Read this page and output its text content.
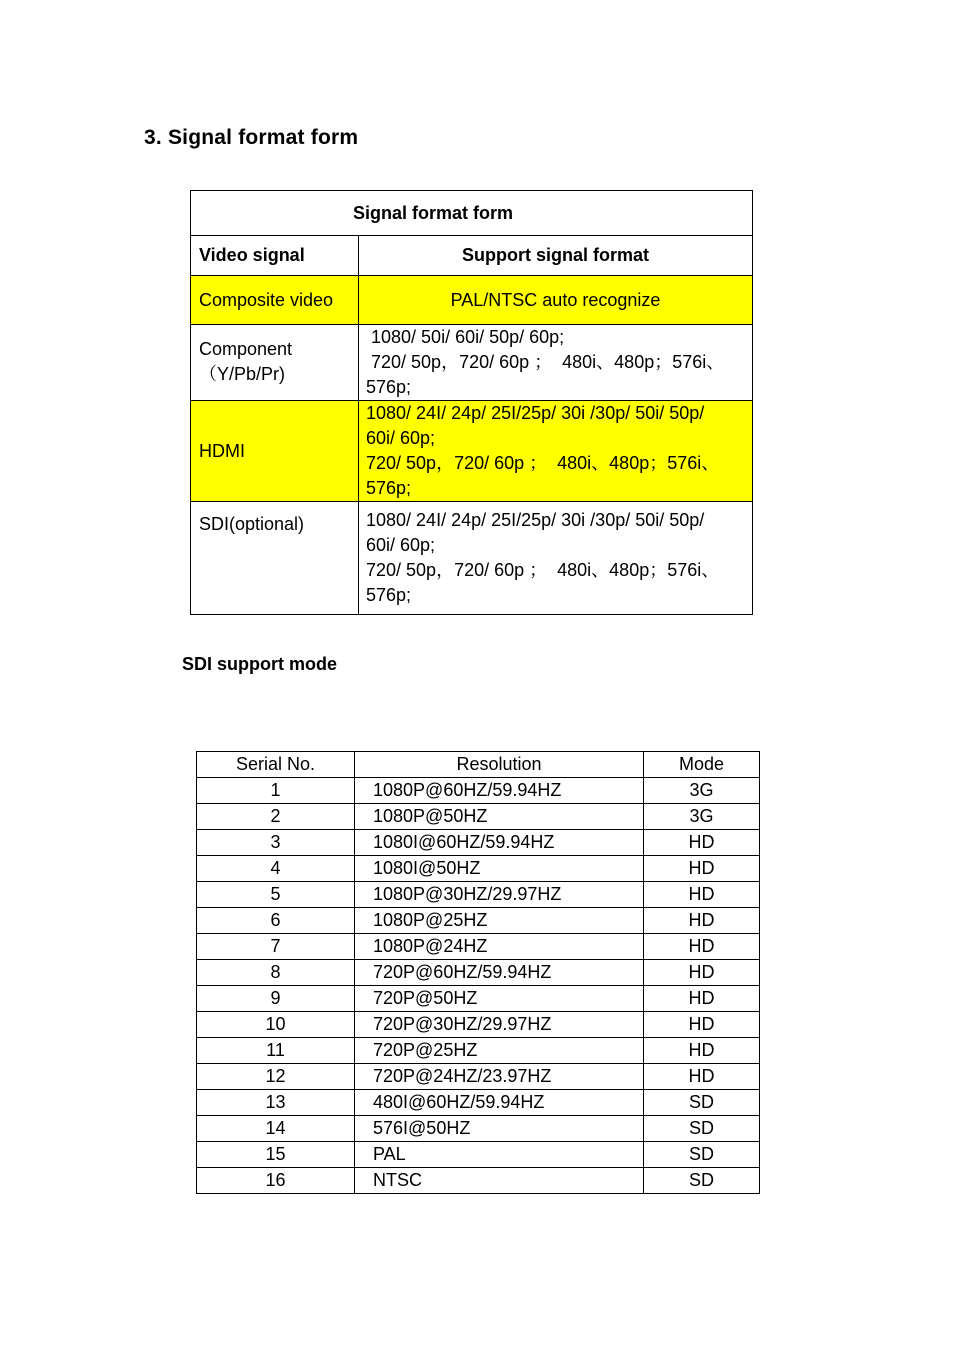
3. Signal format form
Signal format form	
Video signal	Support signal format
Composite video	PAL/NTSC auto recognize

Component
（Y/Pb/Pr)	1080/ 50i/ 60i/ 50p/ 60p;
720/ 50p，720/ 60p ；  480i、480p；576i、
576p;

HDMI	1080/ 24I/ 24p/ 25I/25p/ 30i /30p/ 50i/ 50p/
60i/ 60p;
720/ 50p，720/ 60p ；  480i、480p；576i、
576p;

SDI(optional)	1080/ 24I/ 24p/ 25I/25p/ 30i /30p/ 50i/ 50p/
60i/ 60p;
720/ 50p，720/ 60p ；  480i、480p；576i、
576p;
SDI support mode
Serial No.	Resolution	Mode
1	1080P@60HZ/59.94HZ	3G
2	1080P@50HZ	3G
3	1080I@60HZ/59.94HZ	HD
4	1080I@50HZ	HD
5	1080P@30HZ/29.97HZ	HD
6	1080P@25HZ	HD
7	1080P@24HZ	HD
8	720P@60HZ/59.94HZ	HD
9	720P@50HZ	HD
10	720P@30HZ/29.97HZ	HD
11	720P@25HZ	HD
12	720P@24HZ/23.97HZ	HD
13	480I@60HZ/59.94HZ	SD
14	576I@50HZ	SD
15	PAL	SD
16	NTSC	SD
